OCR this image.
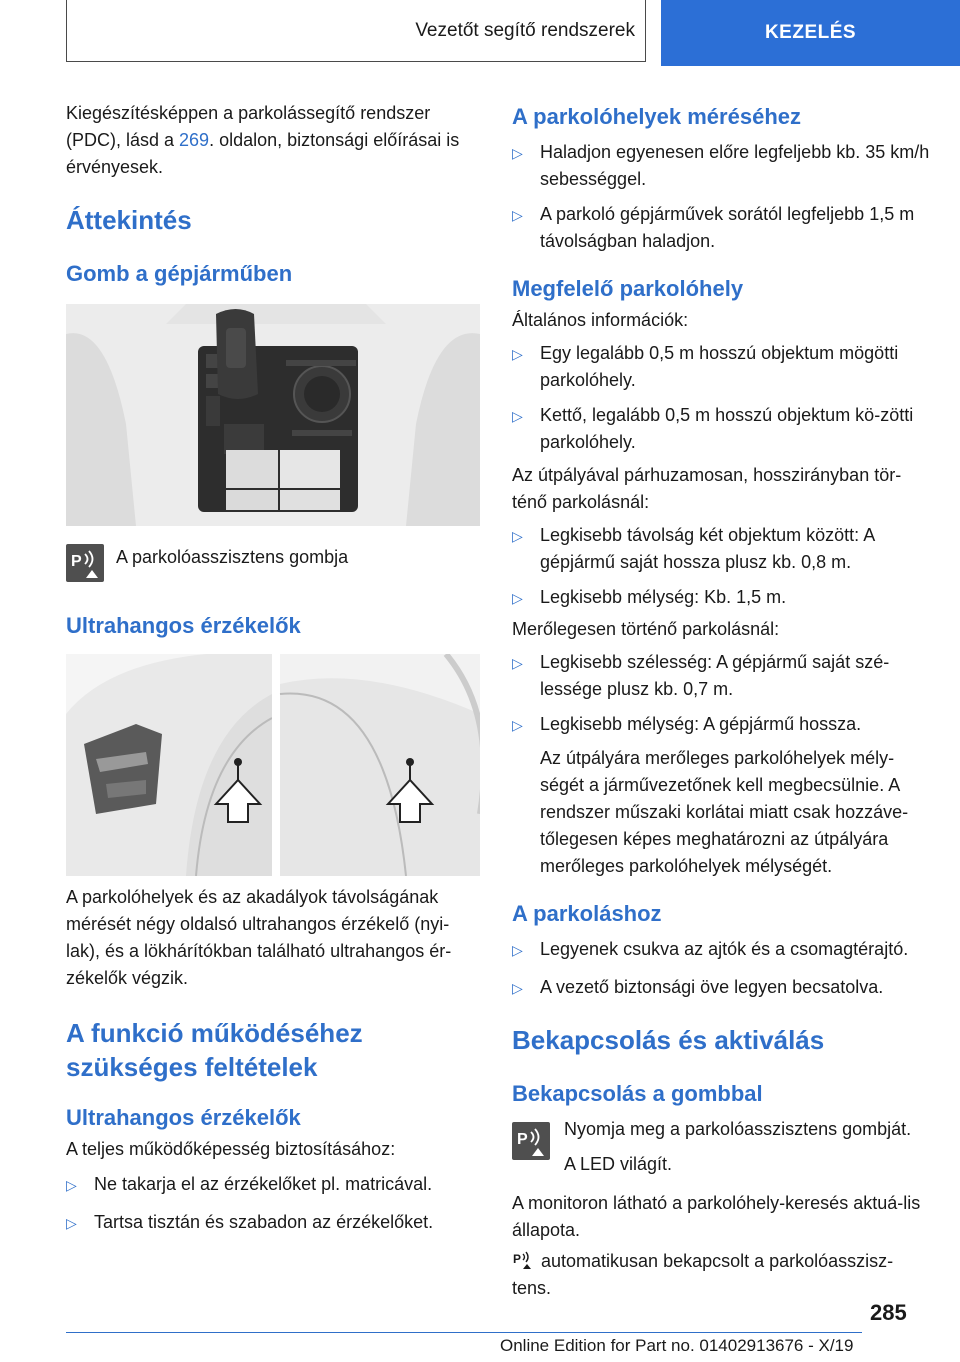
Vezetőt segítő rendszerek	KEZELÉS

Kiegészítésképpen a parkolássegítő rendszer (PDC), lásd a 269. oldalon, biztonsági előírásai is érvényesek.

Áttekintés
Gomb a gépjárműben
P A parkolóasszisztens gombja

Ultrahangos érzékelők

A parkolóhelyek és az akadályok távolságának mérését négy oldalsó ultrahangos érzékelő (nyi-lak), és a lökhárítókban található ultrahangos ér-zékelők végzik.

A funkció működéséhez szükséges feltételek
Ultrahangos érzékelők

A teljes működőképesség biztosításához:

▷ Ne takarja el az érzékelőket pl. matricával.
▷ Tartsa tisztán és szabadon az érzékelőket.
A parkolóhelyek méréséhez
▷ Haladjon egyenesen előre legfeljebb kb. 35 km/h sebességgel.
▷ A parkoló gépjárművek sorától legfeljebb 1,5 m távolságban haladjon.
Megfelelő parkolóhely

Általános információk:

▷ Egy legalább 0,5 m hosszú objektum mögötti parkolóhely.
▷ Kettő, legalább 0,5 m hosszú objektum kö-zötti parkolóhely.

Az útpályával párhuzamosan, hosszirányban tör-ténő parkolásnál:

▷ Legkisebb távolság két objektum között: A gépjármű saját hossza plusz kb. 0,8 m.
▷ Legkisebb mélység: Kb. 1,5 m.

Merőlegesen történő parkolásnál:

▷ Legkisebb szélesség: A gépjármű saját szé-lessége plusz kb. 0,7 m.
▷ Legkisebb mélység: A gépjármű hossza.

Az útpályára merőleges parkolóhelyek mély-ségét a járművezetőnek kell megbecsülnie. A rendszer műszaki korlátai miatt csak hozzáve-tőlegesen képes meghatározni az útpályára merőleges parkolóhelyek mélységét.

A parkoláshoz
▷ Legyenek csukva az ajtók és a csomagtérajtó.
▷ A vezető biztonsági öve legyen becsatolva.
Bekapcsolás és aktiválás
Bekapcsolás a gombbal
P

Nyomja meg a parkolóasszisztens gombját.

A LED világít.

A monitoron látható a parkolóhely-keresés aktuá-lis állapota.

P automatikusan bekapcsolt a parkolóasszisz-tens.

285
Online Edition for Part no. 01402913676 - X/19
